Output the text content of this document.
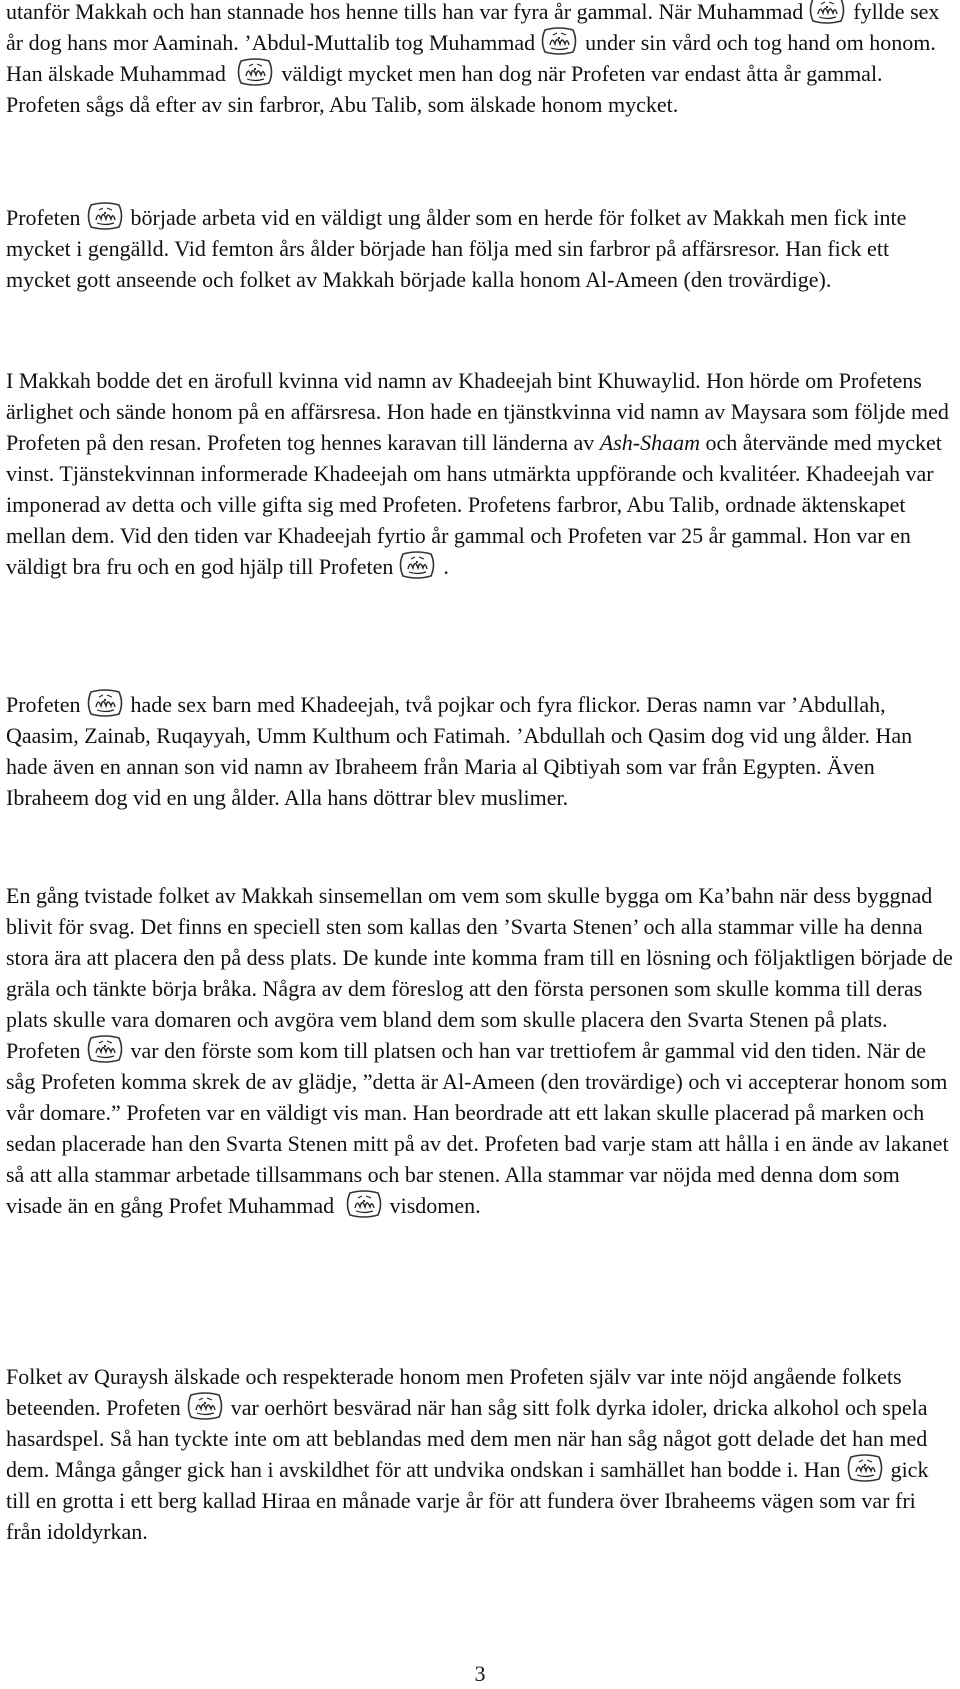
utanför Makkah och han stannade hos henne tills han var fyra år gammal. När Muhammad fyllde sex år dog hans mor Aaminah. ’Abdul-Muttalib tog Muhammad under sin vård och tog hand om honom. Han älskade Muhammad	väldigt mycket men han dog när Profeten var endast åtta år gammal. Profeten sågs då efter av sin farbror, Abu Talib, som älskade honom mycket.

Profeten började arbeta vid en väldigt ung ålder som en herde för folket av Makkah men fick inte mycket i gengälld. Vid femton års ålder började han följa med sin farbror på affärsresor. Han fick ett mycket gott anseende och folket av Makkah började kalla honom Al-Ameen (den trovärdige).

I Makkah bodde det en ärofull kvinna vid namn av Khadeejah bint Khuwaylid. Hon hörde om Profetens ärlighet och sände honom på en affärsresa. Hon hade en tjänstkvinna vid namn av Maysara som följde med Profeten på den resan. Profeten tog hennes karavan till länderna av Ash-Shaam och återvände med mycket vinst. Tjänstekvinnan informerade Khadeejah om hans utmärkta uppförande och kvalitéer. Khadeejah var imponerad av detta och ville gifta sig med Profeten. Profetens farbror, Abu Talib, ordnade äktenskapet mellan dem. Vid den tiden var Khadeejah fyrtio år gammal och Profeten var 25 år gammal. Hon var en väldigt bra fru och en god hjälp till Profeten .

Profeten hade sex barn med Khadeejah, två pojkar och fyra flickor. Deras namn var ’Abdullah, Qaasim, Zainab, Ruqayyah, Umm Kulthum och Fatimah. ’Abdullah och Qasim dog vid ung ålder. Han hade även en annan son vid namn av Ibraheem från Maria al Qibtiyah som var från Egypten. Även Ibraheem dog vid en ung ålder. Alla hans döttrar blev muslimer.

En gång tvistade folket av Makkah sinsemellan om vem som skulle bygga om Ka’bahn när dess byggnad blivit för svag. Det finns en speciell sten som kallas den ’Svarta Stenen’ och alla stammar ville ha denna stora ära att placera den på dess plats. De kunde inte komma fram till en lösning och följaktligen började de gräla och tänkte börja bråka. Några av dem föreslog att den första personen som skulle komma till deras plats skulle vara domaren och avgöra vem bland dem som skulle placera den Svarta Stenen på plats. Profeten var den förste som kom till platsen och han var trettiofem år gammal vid den tiden. När de såg Profeten komma skrek de av glädje, ”detta är Al-Ameen (den trovärdige) och vi accepterar honom som vår domare.” Profeten var en väldigt vis man. Han beordrade att ett lakan skulle placerad på marken och sedan placerade han den Svarta Stenen mitt på av det. Profeten bad varje stam att hålla i en ände av lakanet så att alla stammar arbetade tillsammans och bar stenen. Alla stammar var nöjda med denna dom som visade än en gång Profet Muhammad	visdomen.

Folket av Quraysh älskade och respekterade honom men Profeten själv var inte nöjd angående folkets beteenden. Profeten var oerhört besvärad när han såg sitt folk dyrka idoler, dricka alkohol och spela hasardspel. Så han tyckte inte om att beblandas med dem men när han såg något gott delade det han med dem. Många gånger gick han i avskildhet för att undvika ondskan i samhället han bodde i. Han gick till en grotta i ett berg kallad Hiraa en månade varje år för att fundera över Ibraheems vägen som var fri från idoldyrkan.

3
